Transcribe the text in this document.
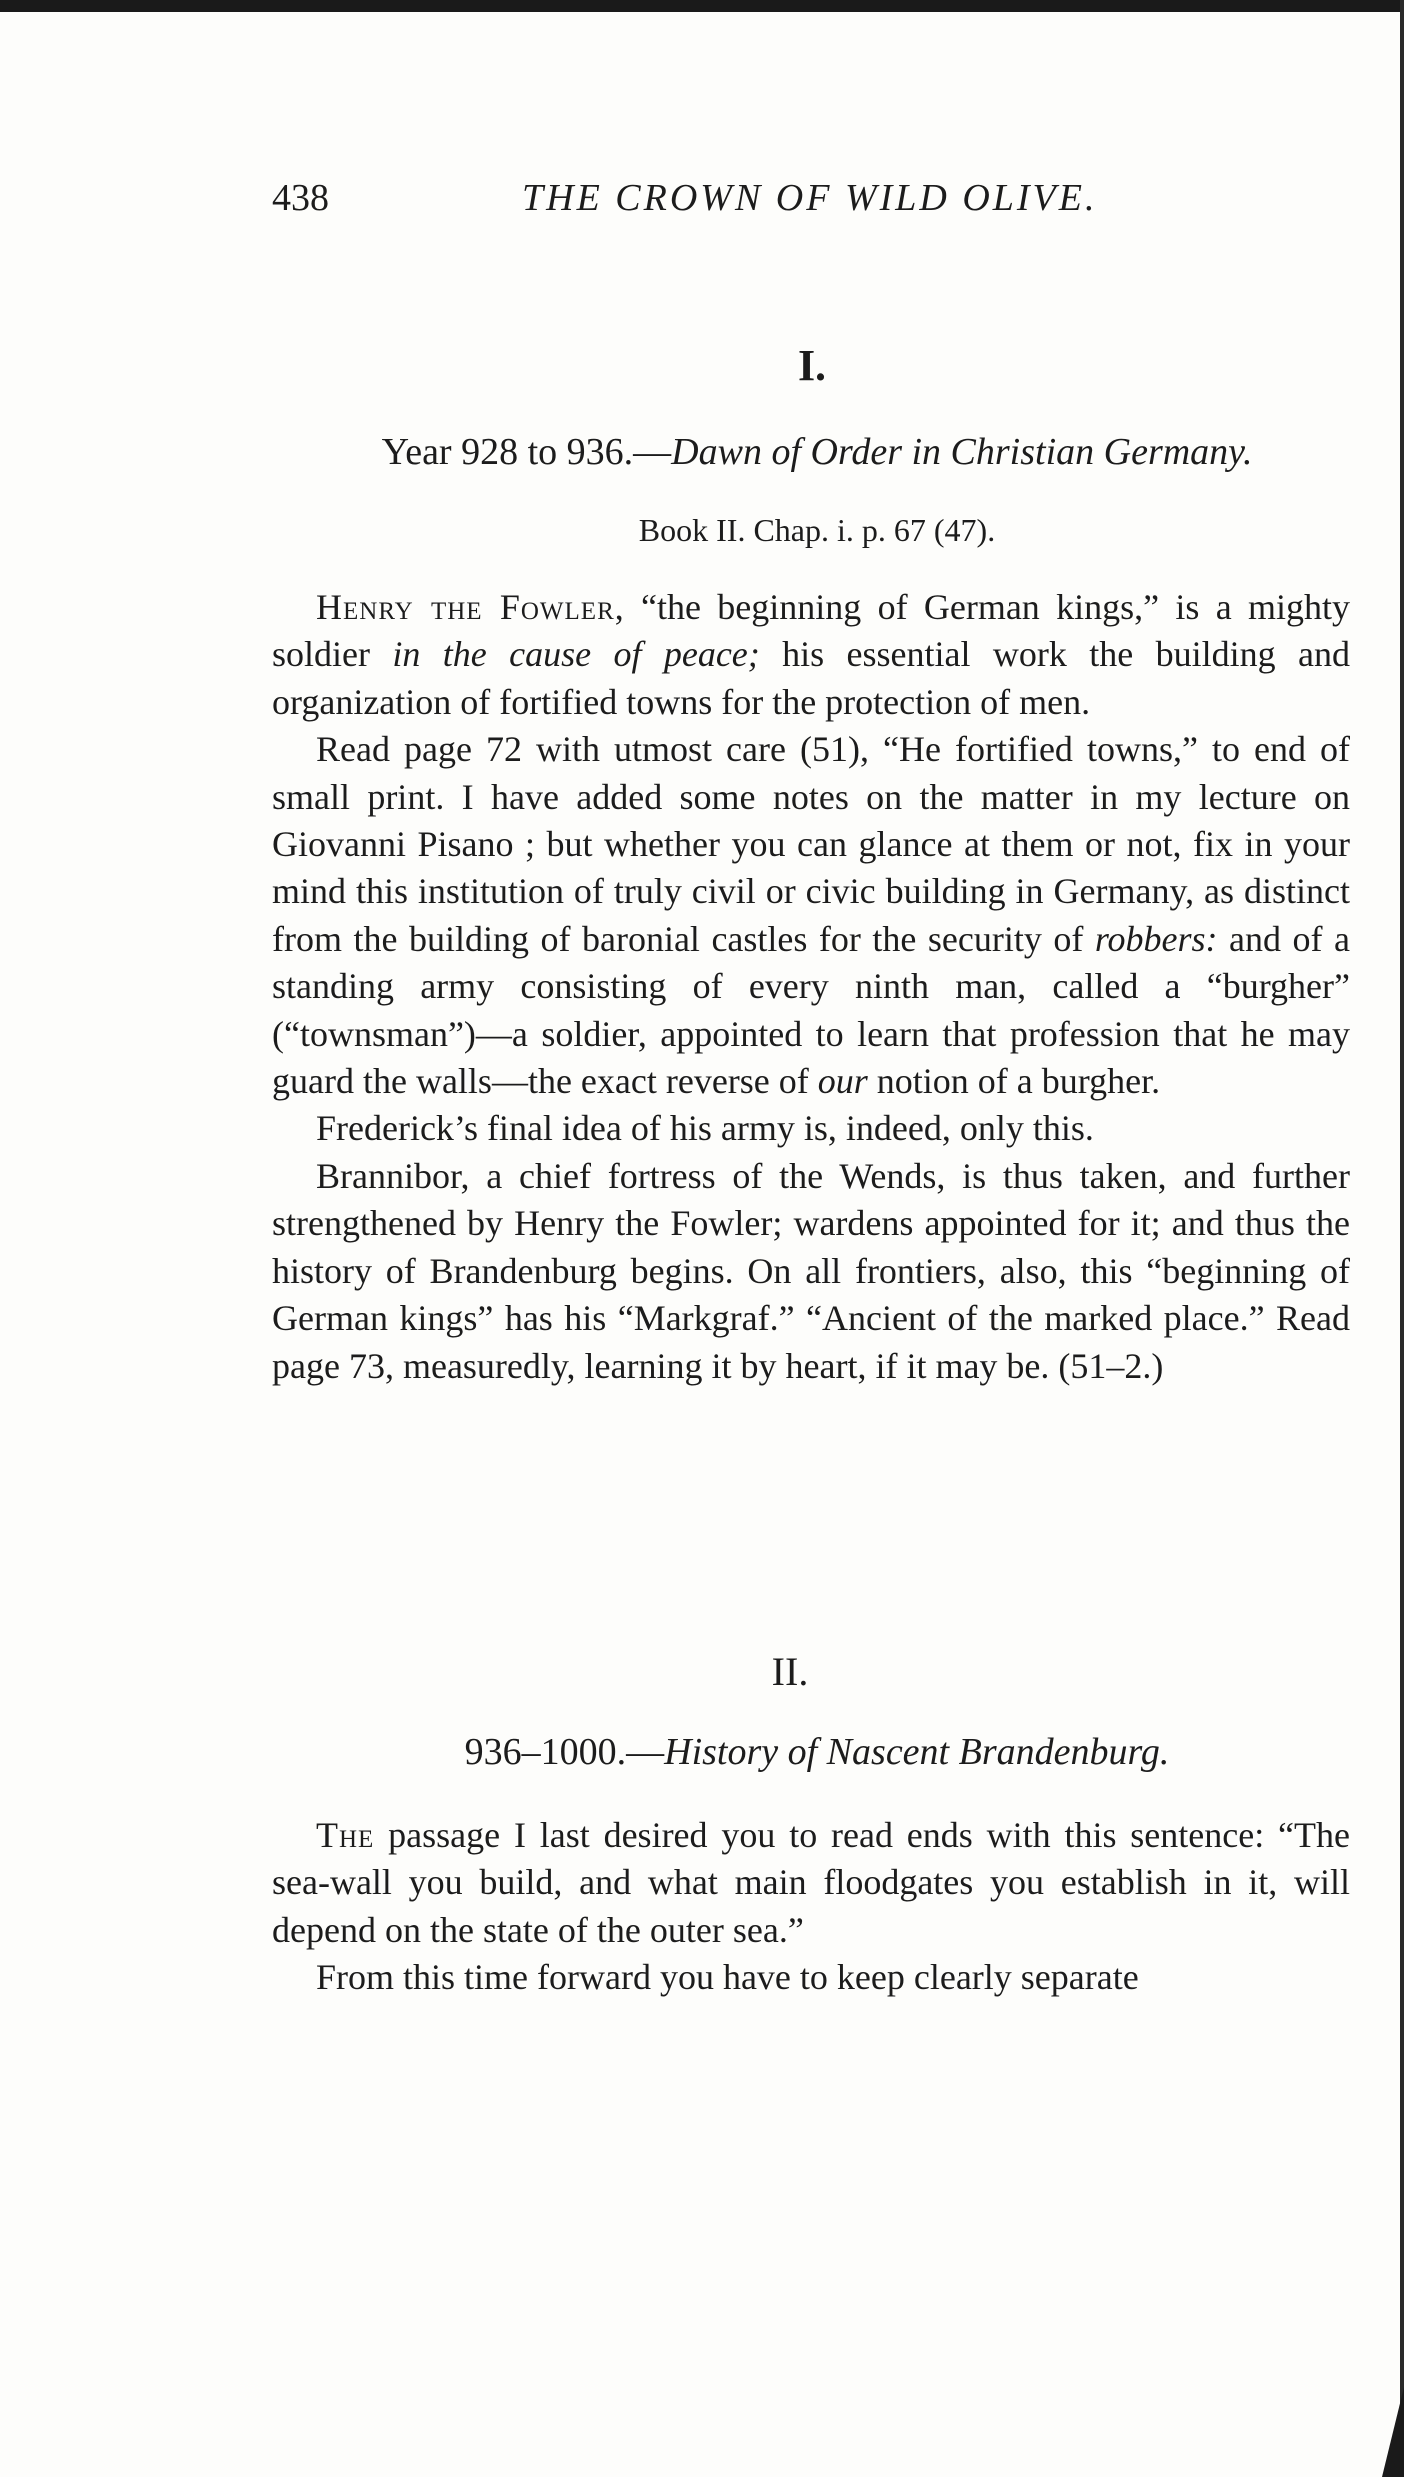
438	THE CROWN OF WILD OLIVE.
I.
Year 928 to 936.—Dawn of Order in Christian Germany.
Book II. Chap. i. p. 67 (47).

Henry the Fowler, “the beginning of German kings,” is a mighty soldier in the cause of peace; his essential work the building and organization of fortified towns for the protection of men.

Read page 72 with utmost care (51), “He fortified towns,” to end of small print. I have added some notes on the matter in my lecture on Giovanni Pisano ; but whether you can glance at them or not, fix in your mind this institution of truly civil or civic building in Germany, as distinct from the building of baronial castles for the security of robbers: and of a standing army consisting of every ninth man, called a “burgher” (“townsman”)—a soldier, appointed to learn that profession that he may guard the walls—the exact reverse of our notion of a burgher.

Frederick’s final idea of his army is, indeed, only this.

Brannibor, a chief fortress of the Wends, is thus taken, and further strengthened by Henry the Fowler; wardens appointed for it; and thus the history of Brandenburg begins. On all frontiers, also, this “beginning of German kings” has his “Markgraf.” “Ancient of the marked place.” Read page 73, measuredly, learning it by heart, if it may be. (51–2.)

II.
936–1000.—History of Nascent Brandenburg.

The passage I last desired you to read ends with this sentence: “The sea-wall you build, and what main floodgates you establish in it, will depend on the state of the outer sea.”

From this time forward you have to keep clearly separate
